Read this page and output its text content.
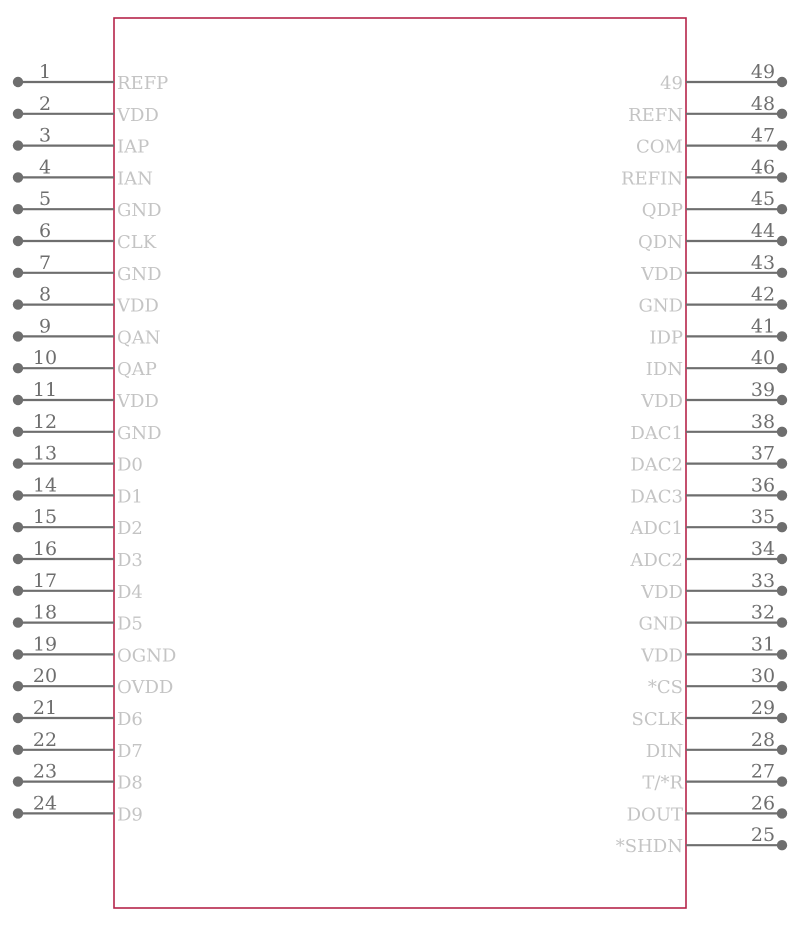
1
REFP
2
VDD
3
IAP
4
IAN
5
GND
6
CLK
7
GND
8
VDD
9
QAN
10
QAP
11
VDD
12
GND
13
D0
14
D1
15
D2
16
D3
17
D4
18
D5
19
OGND
20
OVDD
21
D6
22
D7
23
D8
24
D9
49
49
48
REFN
47
COM
46
REFIN
45
QDP
44
QDN
43
VDD
42
GND
41
IDP
40
IDN
39
VDD
38
DAC1
37
DAC2
36
DAC3
35
ADC1
34
ADC2
33
VDD
32
GND
31
VDD
30
*CS
29
SCLK
28
DIN
27
T/*R
26
DOUT
25
*SHDN
